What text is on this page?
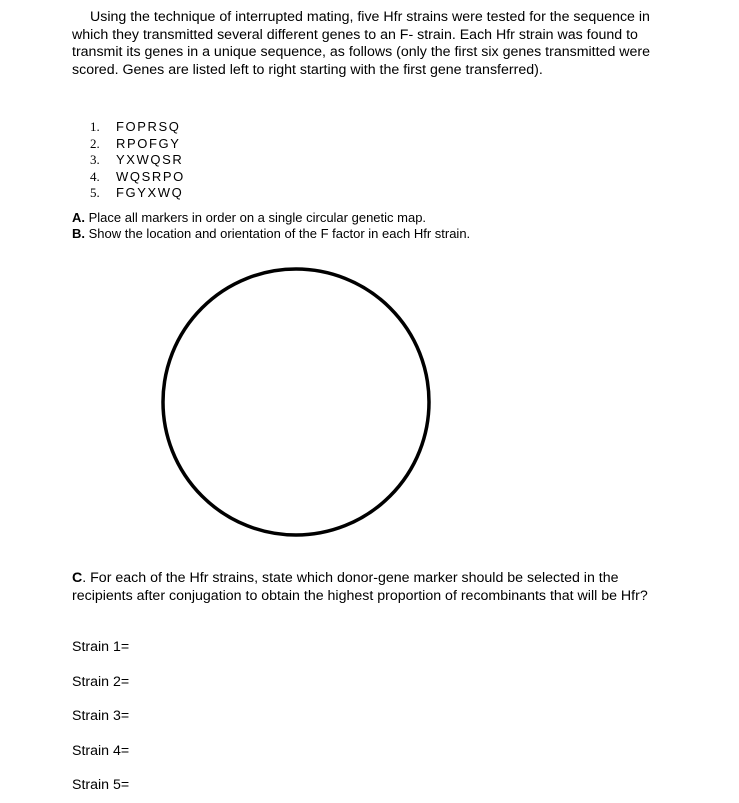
Using the technique of interrupted mating, five Hfr strains were tested for the sequence in which they transmitted several different genes to an F- strain. Each Hfr strain was found to transmit its genes in a unique sequence, as follows (only the first six genes transmitted were scored. Genes are listed left to right starting with the first gene transferred).

1.	FOPRSQ
2.	RPOFGY
3.	YXWQSR
4.	WQSRPO
5.	FGYXWQ

A. Place all markers in order on a single circular genetic map.

B. Show the location and orientation of the F factor in each Hfr strain.

C. For each of the Hfr strains, state which donor-gene marker should be selected in the recipients after conjugation to obtain the highest proportion of recombinants that will be Hfr?

Strain 1=

Strain 2=

Strain 3=

Strain 4=

Strain 5=
